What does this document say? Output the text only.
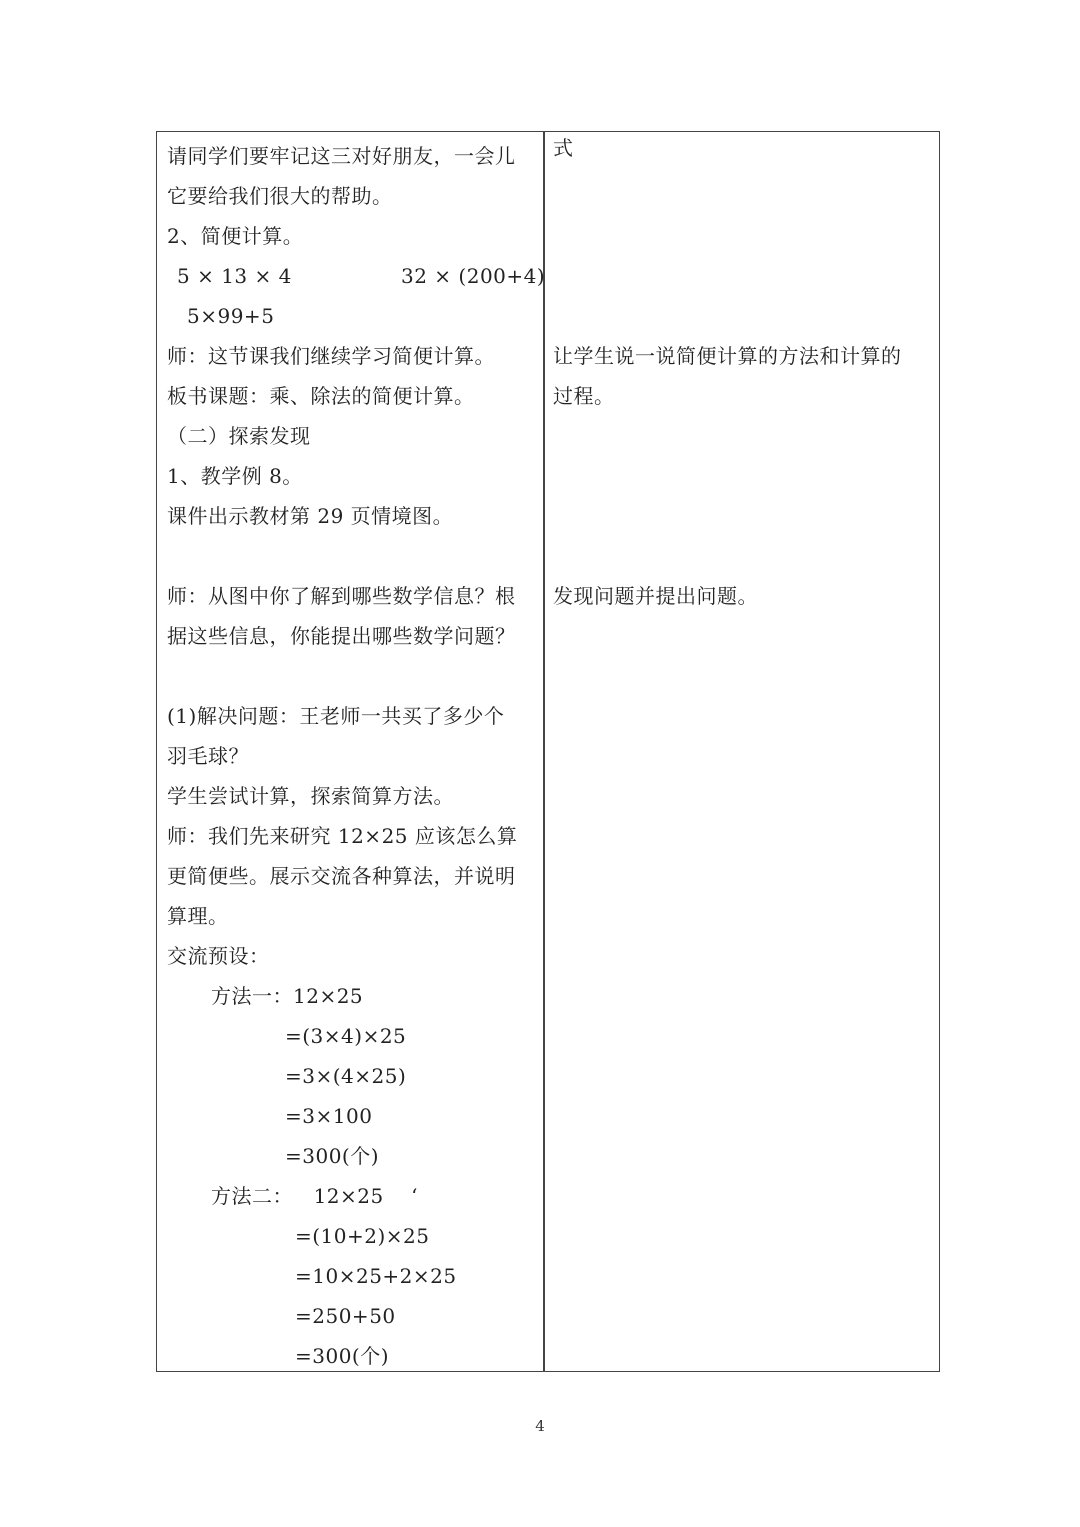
请同学们要牢记这三对好朋友，一会儿
它要给我们很大的帮助。
2、简便计算。
5 × 13 × 4	32 × (200+4)
5×99+5
师：这节课我们继续学习简便计算。
板书课题：乘、除法的简便计算。
（二）探索发现
1、教学例 8。
课件出示教材第 29 页情境图。
师：从图中你了解到哪些数学信息？根
据这些信息，你能提出哪些数学问题？
(1)解决问题：王老师一共买了多少个
羽毛球？
学生尝试计算，探索简算方法。
师：我们先来研究 12×25 应该怎么算
更简便些。展示交流各种算法，并说明
算理。
交流预设：
方法一：12×25
=(3×4)×25
=3×(4×25)
=3×100
=300(个)
方法二：   12×25    ‘
=(10+2)×25
=10×25+2×25
=250+50
=300(个)
式
让学生说一说简便计算的方法和计算的
过程。
发现问题并提出问题。
4
